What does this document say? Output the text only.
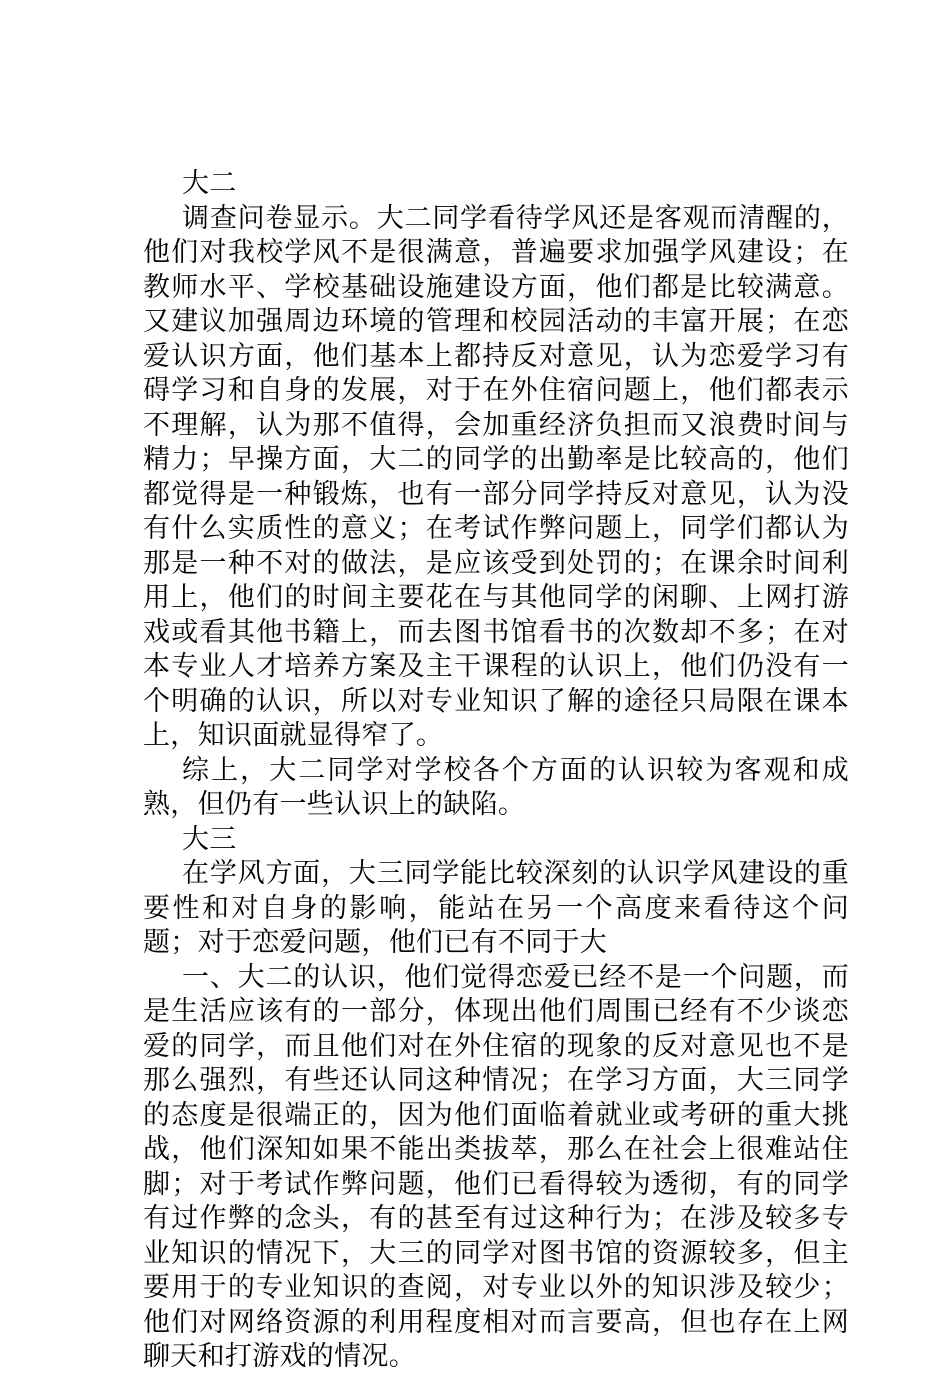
大二

调查问卷显示。大二同学看待学风还是客观而清醒的，他们对我校学风不是很满意，普遍要求加强学风建设；在教师水平、学校基础设施建设方面，他们都是比较满意。又建议加强周边环境的管理和校园活动的丰富开展；在恋爱认识方面，他们基本上都持反对意见，认为恋爱学习有碍学习和自身的发展，对于在外住宿问题上，他们都表示不理解，认为那不值得，会加重经济负担而又浪费时间与精力；早操方面，大二的同学的出勤率是比较高的，他们都觉得是一种锻炼，也有一部分同学持反对意见，认为没有什么实质性的意义；在考试作弊问题上，同学们都认为那是一种不对的做法，是应该受到处罚的；在课余时间利用上，他们的时间主要花在与其他同学的闲聊、上网打游戏或看其他书籍上，而去图书馆看书的次数却不多；在对本专业人才培养方案及主干课程的认识上，他们仍没有一个明确的认识，所以对专业知识了解的途径只局限在课本上，知识面就显得窄了。

综上，大二同学对学校各个方面的认识较为客观和成熟，但仍有一些认识上的缺陷。

大三

在学风方面，大三同学能比较深刻的认识学风建设的重要性和对自身的影响，能站在另一个高度来看待这个问题；对于恋爱问题，他们已有不同于大

一、大二的认识，他们觉得恋爱已经不是一个问题，而是生活应该有的一部分，体现出他们周围已经有不少谈恋爱的同学，而且他们对在外住宿的现象的反对意见也不是那么强烈，有些还认同这种情况；在学习方面，大三同学的态度是很端正的，因为他们面临着就业或考研的重大挑战，他们深知如果不能出类拔萃，那么在社会上很难站住脚；对于考试作弊问题，他们已看得较为透彻，有的同学有过作弊的念头，有的甚至有过这种行为；在涉及较多专业知识的情况下，大三的同学对图书馆的资源较多，但主要用于的专业知识的查阅，对专业以外的知识涉及较少；他们对网络资源的利用程度相对而言要高，但也存在上网聊天和打游戏的情况。
